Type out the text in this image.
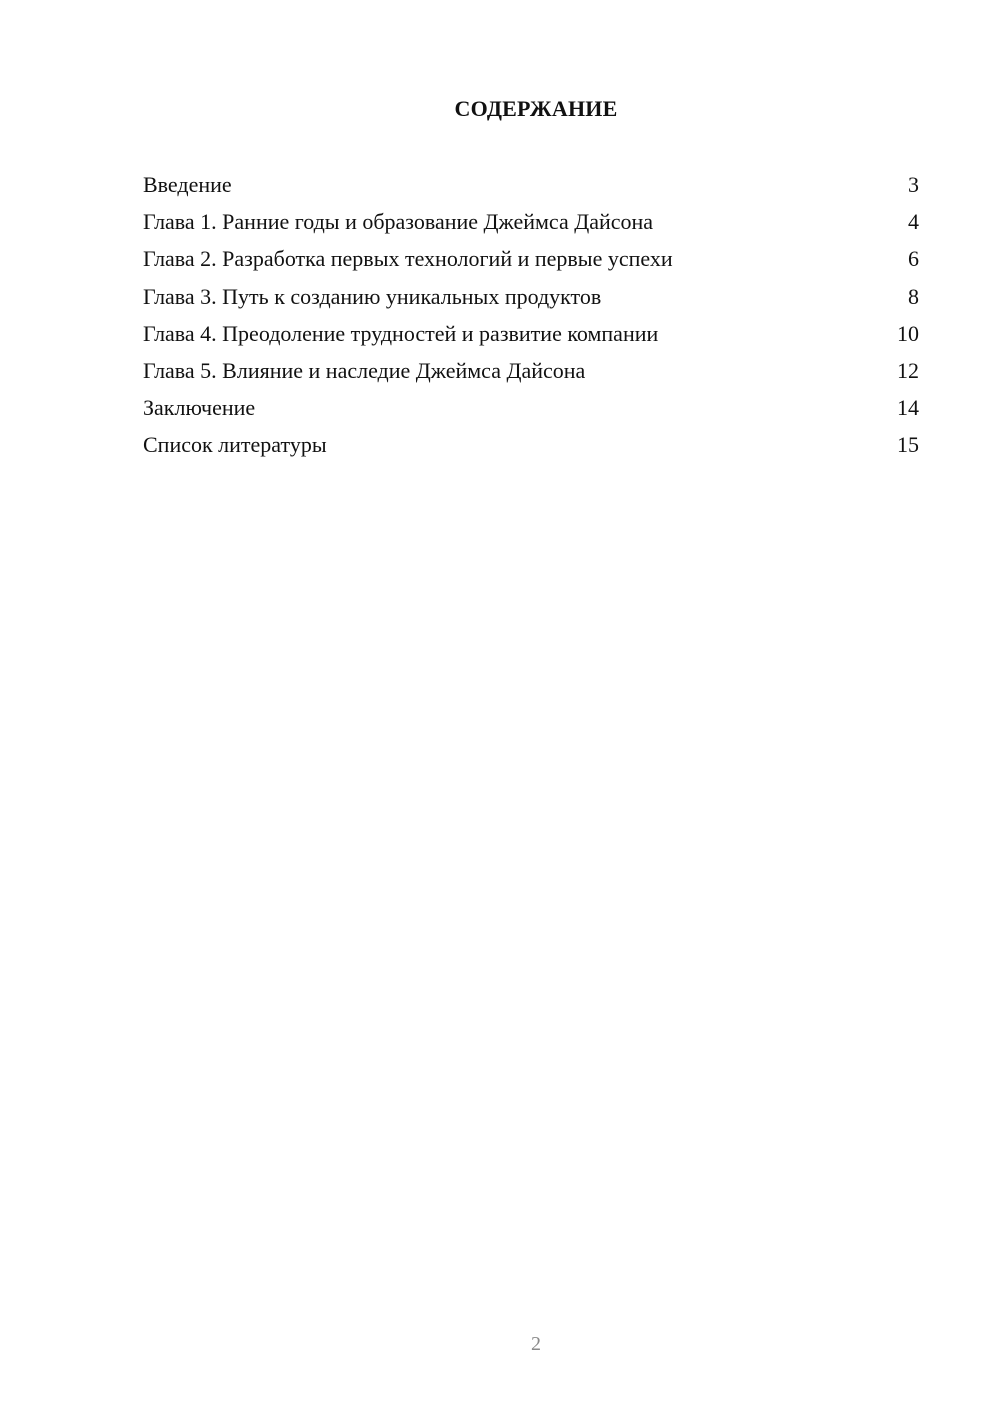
СОДЕРЖАНИЕ
Введение	3
Глава 1. Ранние годы и образование Джеймса Дайсона	4
Глава 2. Разработка первых технологий и первые успехи	6
Глава 3. Путь к созданию уникальных продуктов	8
Глава 4. Преодоление трудностей и развитие компании	10
Глава 5. Влияние и наследие Джеймса Дайсона	12
Заключение	14
Список литературы	15
2
